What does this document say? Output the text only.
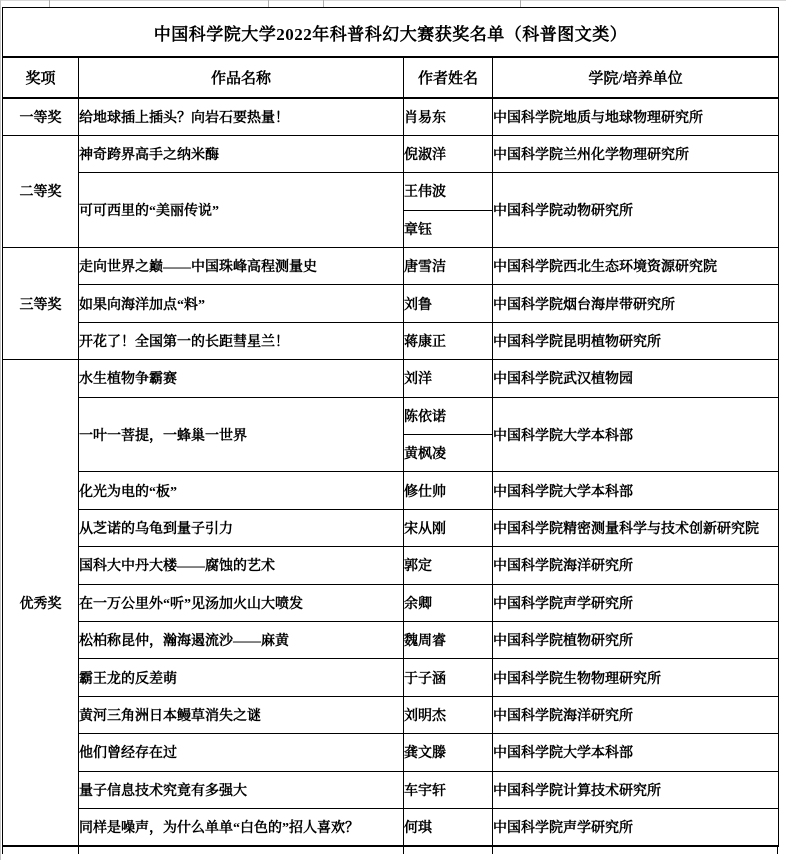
中国科学院大学2022年科普科幻大赛获奖名单（科普图文类）			
奖项	作品名称	作者姓名	学院/培养单位
一等奖	给地球插上插头？向岩石要热量！	肖易东	中国科学院地质与地球物理研究所
二等奖	神奇跨界高手之纳米酶	倪淑洋	中国科学院兰州化学物理研究所
	可可西里的“美丽传说”	王伟波	中国科学院动物研究所
		章钰	
三等奖	走向世界之巅——中国珠峰高程测量史	唐雪洁	中国科学院西北生态环境资源研究院
	如果向海洋加点“料”	刘鲁	中国科学院烟台海岸带研究所
	开花了！全国第一的长距彗星兰！	蒋康正	中国科学院昆明植物研究所
优秀奖	水生植物争霸赛	刘洋	中国科学院武汉植物园
	一叶一菩提，一蜂巢一世界	陈依诺	中国科学院大学本科部
		黄枫凌	
	化光为电的“板”	修仕帅	中国科学院大学本科部
	从芝诺的乌龟到量子引力	宋从刚	中国科学院精密测量科学与技术创新研究院
	国科大中丹大楼——腐蚀的艺术	郭定	中国科学院海洋研究所
	在一万公里外“听”见汤加火山大喷发	余卿	中国科学院声学研究所
	松柏称昆仲，瀚海遏流沙——麻黄	魏周睿	中国科学院植物研究所
	霸王龙的反差萌	于子涵	中国科学院生物物理研究所
	黄河三角洲日本鳗草消失之谜	刘明杰	中国科学院海洋研究所
	他们曾经存在过	龚文滕	中国科学院大学本科部
	量子信息技术究竟有多强大	车宇轩	中国科学院计算技术研究所
	同样是噪声，为什么单单“白色的”招人喜欢？	何琪	中国科学院声学研究所
